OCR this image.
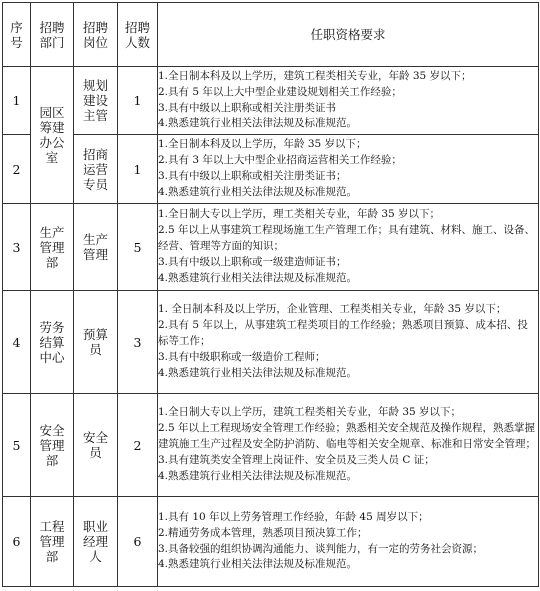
序号	招聘部门	招聘岗位	招聘人数	任职资格要求
1	园区筹建办公室	规划建设主管	1	1.全日制本科及以上学历，建筑工程类相关专业，年龄 35 岁以下；
2.具有 5 年以上大中型企业建设规划相关工作经验；
3.具有中级以上职称或相关注册类证书
4.熟悉建筑行业相关法律法规及标准规范。

2		招商运营专员	1	1.全日制本科及以上学历，年龄 35 岁以下；
2.具有 3 年以上大中型企业招商运营相关工作经验；
3.具有中级以上职称或相关注册类证书；
4.熟悉建筑行业相关法律法规及标准规范。

3	生产管理部	生产管理	5	1.全日制大专以上学历，理工类相关专业，年龄 35 岁以下；
2.5 年以上从事建筑工程现场施工生产管理工作；具有建筑、材料、施工、设备、经营、管理等方面的知识；
3.具有中级以上职称或一级建造师证书；
4.熟悉建筑行业相关法律法规及标准规范。

4	劳务结算中心	预算员	3	1. 全日制本科及以上学历，企业管理、工程类相关专业，年龄 35 岁以下；
2.具有 5 年以上，从事建筑工程类项目的工作经验；熟悉项目预算、成本招、投标等工作；
3.具有中级职称或一级造价工程师；
4.熟悉建筑行业相关法律法规及标准规范。

5	安全管理部	安全员	2	1.全日制大专以上学历，建筑工程类相关专业，年龄 35 岁以下；
2.5 年以上工程现场安全管理工作经验；熟悉相关安全规范及操作规程，熟悉掌握建筑施工生产过程及安全防护消防、临电等相关安全规章、标准和日常安全管理；
3.具有建筑类安全管理上岗证件、安全员及三类人员 C 证；
4.熟悉建筑行业相关法律法规及标准规范。

6	工程管理部	职业经理人	6	1.具有 10 年以上劳务管理工作经验，年龄 45 周岁以下；
2.精通劳务成本管理，熟悉项目预决算工作；
3.具备较强的组织协调沟通能力、谈判能力，有一定的劳务社会资源；
4.熟悉建筑行业相关法律法规及标准规范。
